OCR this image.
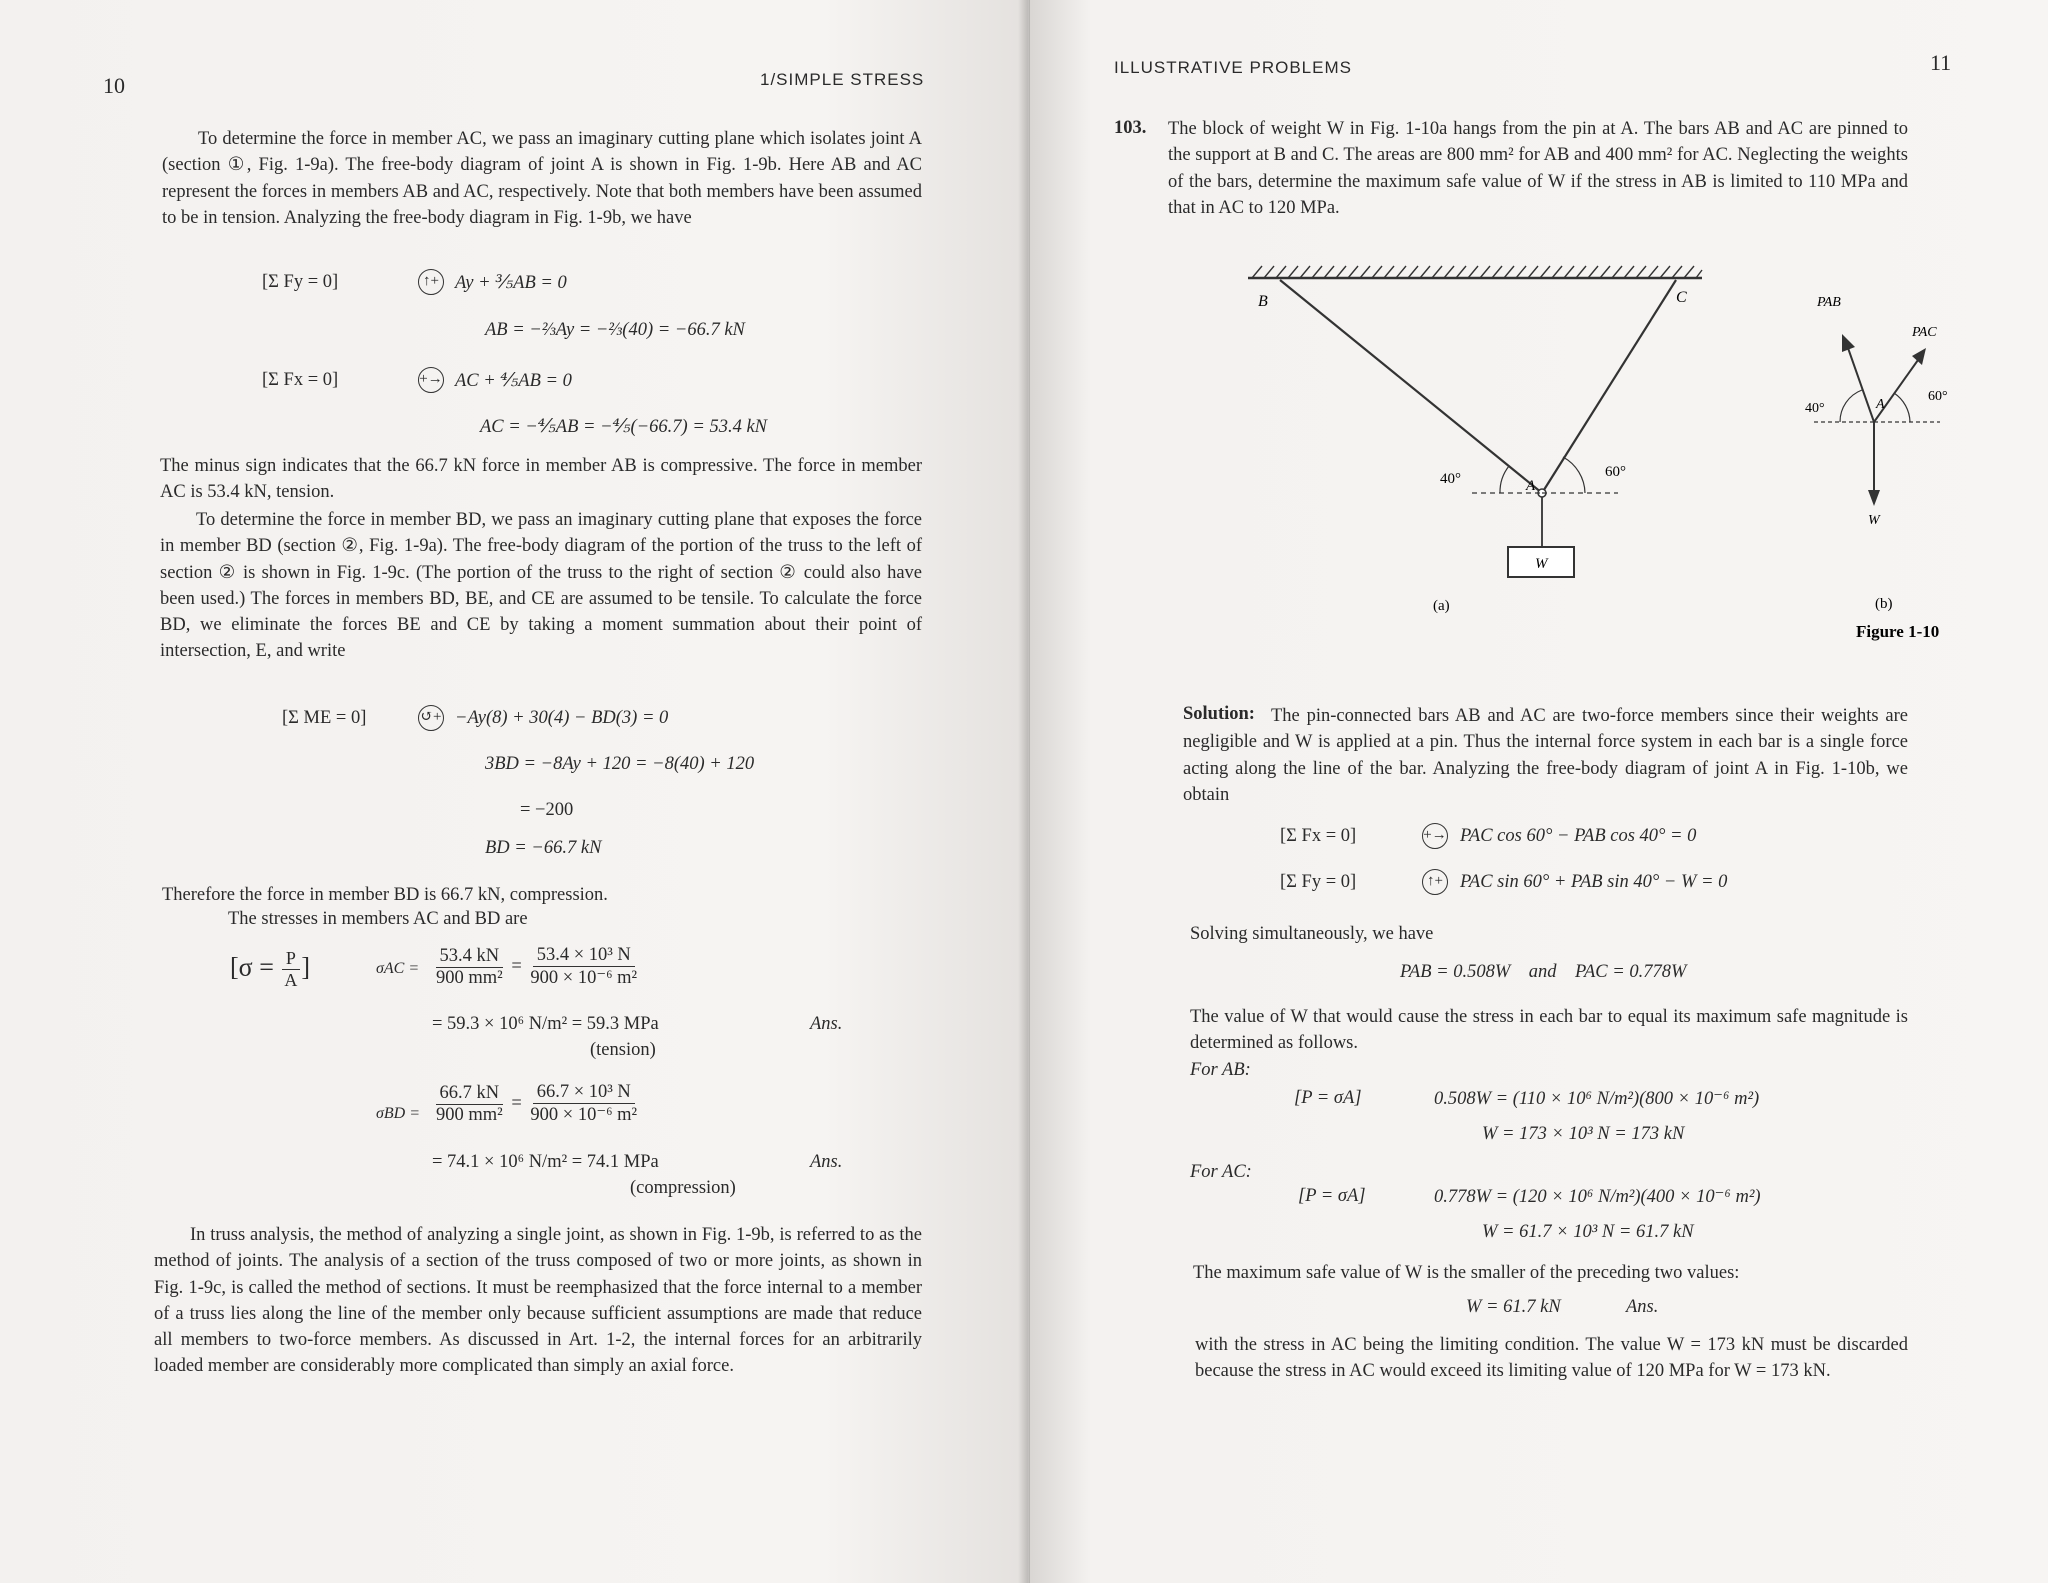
10	1/SIMPLE STRESS

To determine the force in member AC, we pass an imaginary cutting plane which isolates joint A (section ①, Fig. 1-9a). The free-body diagram of joint A is shown in Fig. 1-9b. Here AB and AC represent the forces in members AB and AC, respectively. Note that both members have been assumed to be in tension. Analyzing the free-body diagram in Fig. 1-9b, we have

[Σ Fy = 0]	↑+ Ay + ⅗AB = 0
AB = −⅔Ay = −⅔(40) = −66.7 kN
[Σ Fx = 0]	+→ AC + ⅘AB = 0
AC = −⅘AB = −⅘(−66.7) = 53.4 kN

The minus sign indicates that the 66.7 kN force in member AB is compressive. The force in member AC is 53.4 kN, tension.

To determine the force in member BD, we pass an imaginary cutting plane that exposes the force in member BD (section ②, Fig. 1-9a). The free-body diagram of the portion of the truss to the left of section ② is shown in Fig. 1-9c. (The portion of the truss to the right of section ② could also have been used.) The forces in members BD, BE, and CE are assumed to be tensile. To calculate the force BD, we eliminate the forces BE and CE by taking a moment summation about their point of intersection, E, and write

[Σ ME = 0]	↺+ −Ay(8) + 30(4) − BD(3) = 0
3BD = −8Ay + 120 = −8(40) + 120
= −200
BD = −66.7 kN

Therefore the force in member BD is 66.7 kN, compression.

The stresses in members AC and BD are

[$\sigma = \frac{P}{A}$ ]	$\sigma AC = \frac{53.4 kN}{\text{900 mm²}} = \frac{\text{53.4 × 10³ N}}{\text{900 × 10⁻⁶ m²}}$
= 59.3 × 10⁶ N/m² = 59.3 MPa
(tension)
Ans.
$\sigma BD = \frac{66.7 kN}{\text{900 mm²}} = \frac{\text{66.7 × 10³ N}}{\text{900 × 10⁻⁶ m²}}$
= 74.1 × 10⁶ N/m² = 74.1 MPa
(compression)
Ans.

In truss analysis, the method of analyzing a single joint, as shown in Fig. 1-9b, is referred to as the method of joints. The analysis of a section of the truss composed of two or more joints, as shown in Fig. 1-9c, is called the method of sections. It must be reemphasized that the force internal to a member of a truss lies along the line of the member only because sufficient assumptions are made that reduce all members to two-force members. As discussed in Art. 1-2, the internal forces for an arbitrarily loaded member are considerably more complicated than simply an axial force.

ILLUSTRATIVE PROBLEMS	11
103. The block of weight W in Fig. 1-10a hangs from the pin at A. The bars AB and AC are pinned to the support at B and C. The areas are 800 mm² for AB and 400 mm² for AC. Neglecting the weights of the bars, determine the maximum safe value of W if the stress in AB is limited to 110 MPa and that in AC to 120 MPa.

B	C
A
40°	60°
W
(a)
PAB
PAC
40°
60°
A
W
(b)
Figure 1-10
Solution: The pin-connected bars AB and AC are two-force members since their weights are negligible and W is applied at a pin. Thus the internal force system in each bar is a single force acting along the line of the bar. Analyzing the free-body diagram of joint A in Fig. 1-10b, we obtain

[Σ Fx = 0]	+→ PAC cos 60° − PAB cos 40° = 0
[Σ Fy = 0]	↑+ PAC sin 60° + PAB sin 40° − W = 0
Solving simultaneously, we have
PAB = 0.508W    and    PAC = 0.778W

The value of W that would cause the stress in each bar to equal its maximum safe magnitude is determined as follows.

For AB:
[P = σA]	0.508W = (110 × 10⁶ N/m²)(800 × 10⁻⁶ m²)
W = 173 × 10³ N = 173 kN
For AC:
[P = σA]	0.778W = (120 × 10⁶ N/m²)(400 × 10⁻⁶ m²)
W = 61.7 × 10³ N = 61.7 kN

The maximum safe value of W is the smaller of the preceding two values:

W = 61.7 kN	Ans.

with the stress in AC being the limiting condition. The value W = 173 kN must be discarded because the stress in AC would exceed its limiting value of 120 MPa for W = 173 kN.
